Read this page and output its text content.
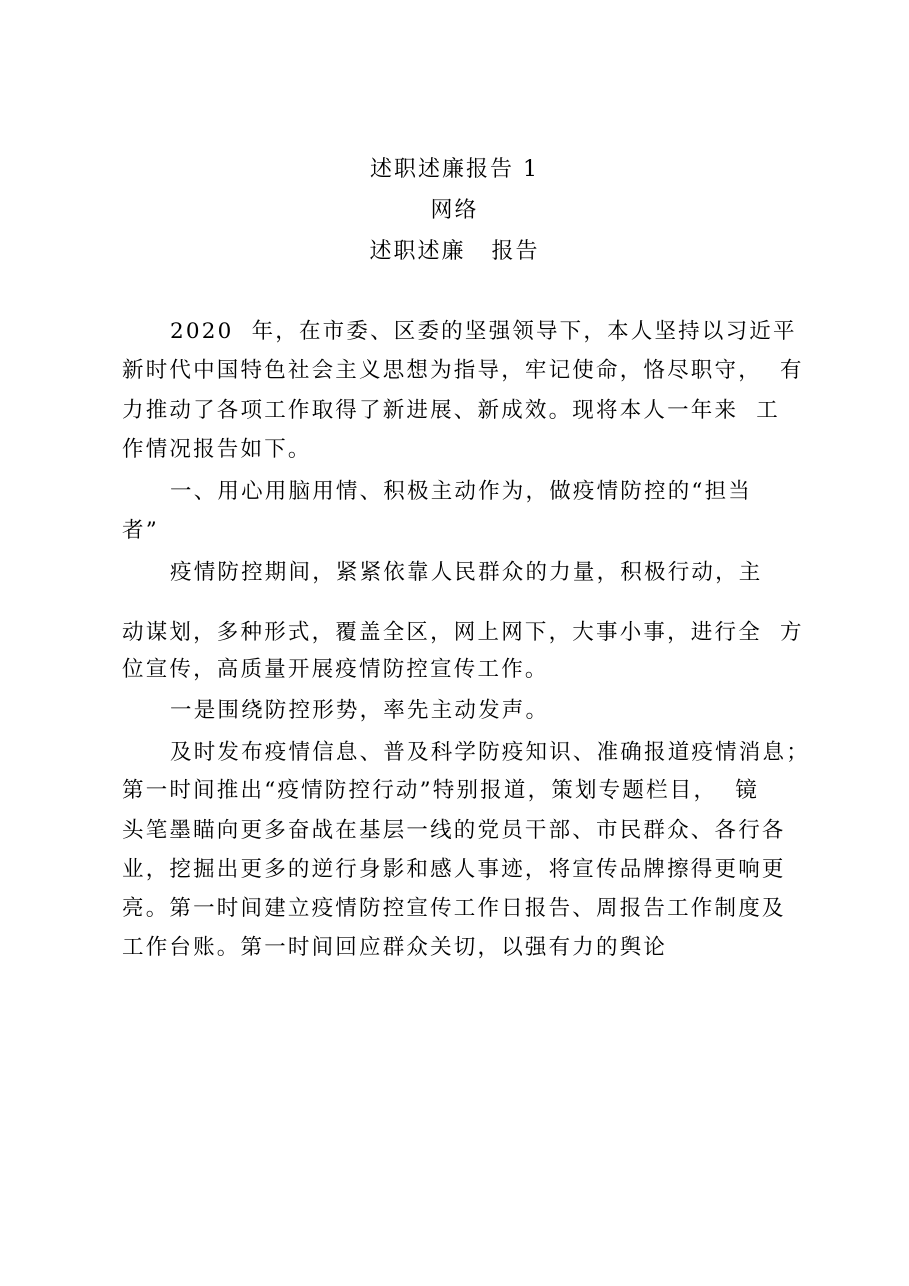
述职述廉报告 1
网络
述职述廉 报告
2020  年，在市委、区委的坚强领导下，本人坚持以习近平
新时代中国特色社会主义思想为指导，牢记使命，恪尽职守，  有
力推动了各项工作取得了新进展、新成效。现将本人一年来  工
作情况报告如下。
一、用心用脑用情、积极主动作为，做疫情防控的“担当
者”
疫情防控期间，紧紧依靠人民群众的力量，积极行动，主
动谋划，多种形式，覆盖全区，网上网下，大事小事，进行全  方
位宣传，高质量开展疫情防控宣传工作。
一是围绕防控形势，率先主动发声。
及时发布疫情信息、普及科学防疫知识、准确报道疫情消息；
第一时间推出“疫情防控行动”特别报道，策划专题栏目，  镜
头笔墨瞄向更多奋战在基层一线的党员干部、市民群众、各行各
业，挖掘出更多的逆行身影和感人事迹，将宣传品牌擦得更响更
亮。第一时间建立疫情防控宣传工作日报告、周报告工作制度及
工作台账。第一时间回应群众关切，以强有力的舆论
